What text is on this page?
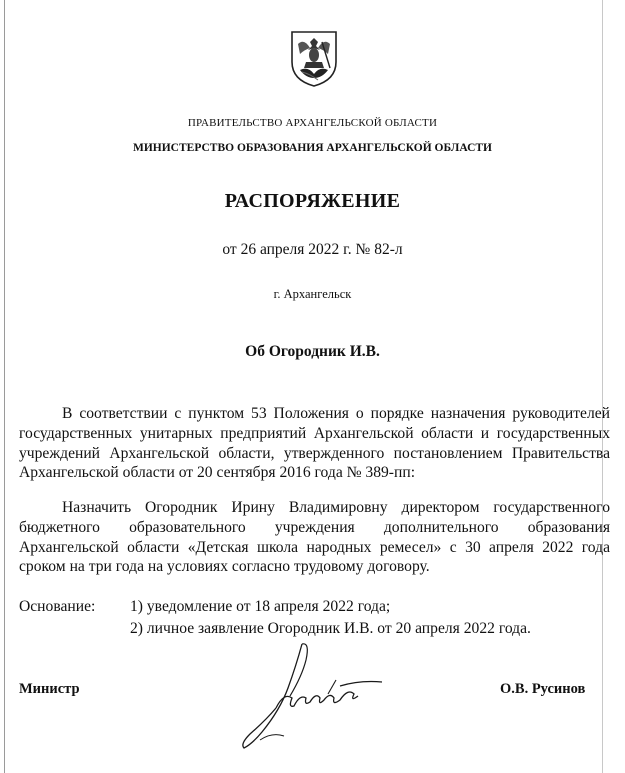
ПРАВИТЕЛЬСТВО АРХАНГЕЛЬСКОЙ ОБЛАСТИ
МИНИСТЕРСТВО ОБРАЗОВАНИЯ АРХАНГЕЛЬСКОЙ ОБЛАСТИ
РАСПОРЯЖЕНИЕ
от 26 апреля 2022 г. № 82-л
г. Архангельск
Об Огородник И.В.
В соответствии с пунктом 53 Положения о порядке назначения руководителей государственных унитарных предприятий Архангельской области и государственных учреждений Архангельской области, утвержденного постановлением Правительства Архангельской области от 20 сентября 2016 года № 389-пп:
Назначить Огородник Ирину Владимировну директором государственного бюджетного образовательного учреждения дополнительного образования Архангельской области «Детская школа народных ремесел» с 30 апреля 2022 года сроком на три года на условиях согласно трудовому договору.
Основание: 1) уведомление от 18 апреля 2022 года;
2) личное заявление Огородник И.В. от 20 апреля 2022 года.
Министр	О.В. Русинов
